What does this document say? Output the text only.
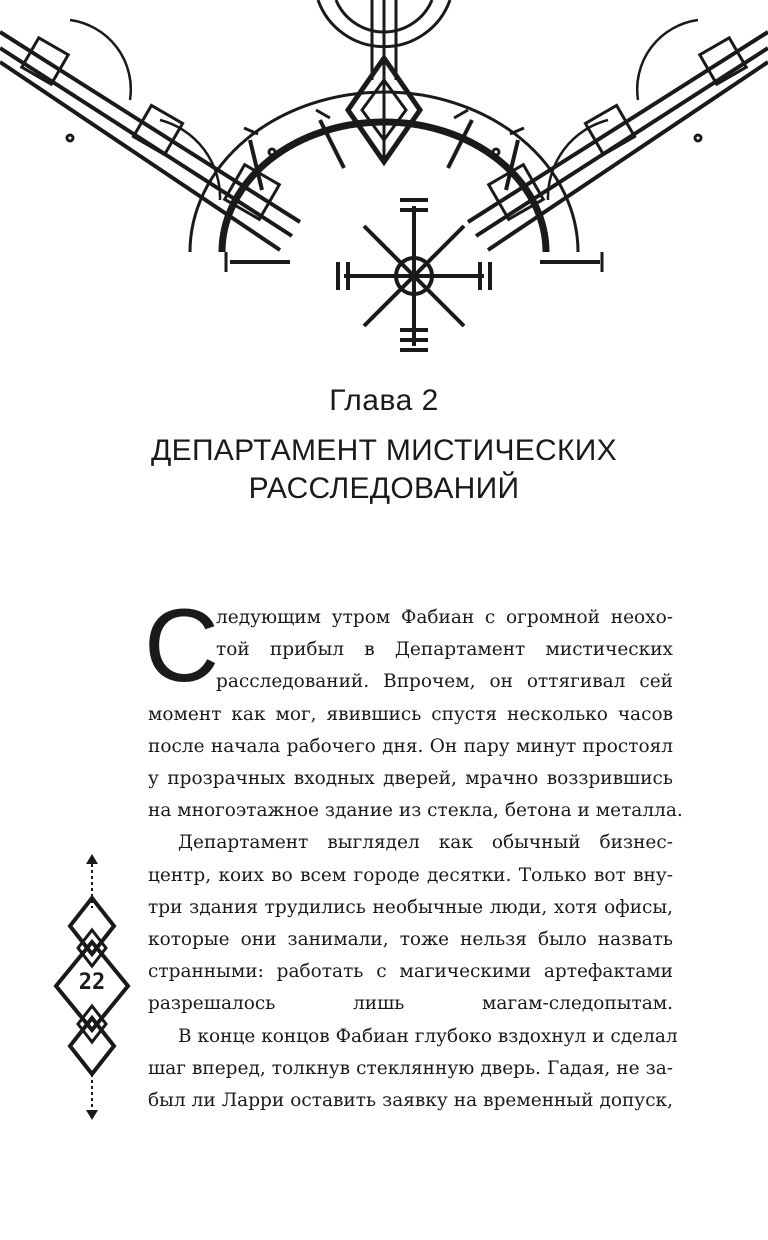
Глава 2
ДЕПАРТАМЕНТ МИСТИЧЕСКИХ
РАССЛЕДОВАНИЙ
С
ледующим утром Фабиан с огромной неохо-
той прибыл в Департамент мистических
расследований. Впрочем, он оттягивал сей
момент как мог, явившись спустя несколько часов
после начала рабочего дня. Он пару минут простоял
у прозрачных входных дверей, мрачно воззрившись
на многоэтажное здание из стекла, бетона и металла.
Департамент выглядел как обычный бизнес-
центр, коих во всем городе десятки. Только вот вну-
три здания трудились необычные люди, хотя офисы,
которые они занимали, тоже нельзя было назвать
странными: работать с магическими артефактами
разрешалось лишь магам-следопытам.
В конце концов Фабиан глубоко вздохнул и сделал
шаг вперед, толкнув стеклянную дверь. Гадая, не за-
был ли Ларри оставить заявку на временный допуск,
22
